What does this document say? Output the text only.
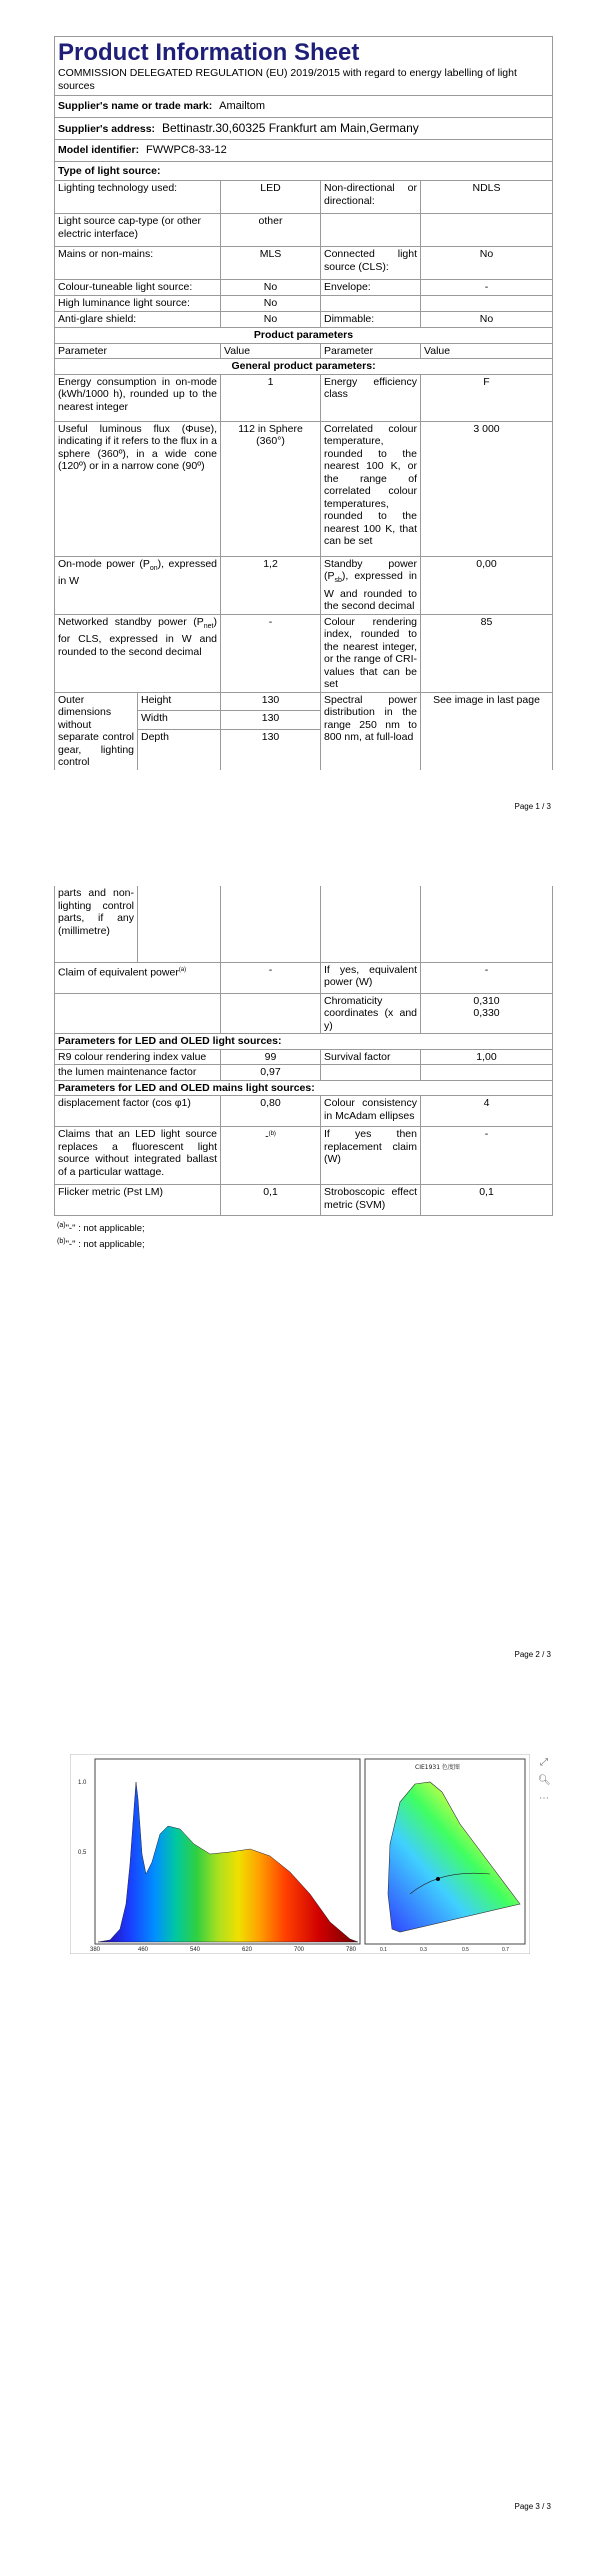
Product Information Sheet
COMMISSION DELEGATED REGULATION (EU) 2019/2015 with regard to energy labelling of light sources				

Supplier's name or trade mark: Amailtom				
Supplier's address: Bettinastr.30,60325 Frankfurt am Main,Germany				
Model identifier: FWWPC8-33-12				
Type of light source:				
Lighting technology used:		LED	Non-directional or directional:	NDLS
Light source cap-type (or other electric interface)		other		
Mains or non-mains:		MLS	Connected light source (CLS):	No
Colour-tuneable light source:		No	Envelope:	-
High luminance light source:		No		
Anti-glare shield:		No	Dimmable:	No
Product parameters				
Parameter		Value	Parameter	Value
General product parameters:				
Energy consumption in on-mode (kWh/1000 h), rounded up to the nearest integer		1	Energy efficiency class	F
Useful luminous flux (Φuse), indicating if it refers to the flux in a sphere (360º), in a wide cone (120º) or in a narrow cone (90º)		112 in Sphere (360°)	Correlated colour temperature, rounded to the nearest 100 K, or the range of correlated colour temperatures, rounded to the nearest 100 K, that can be set	3 000
On-mode power $(P_{on})$, expressed in W		1,2	Standby power $(P_{sb})$, expressed in W and rounded to the second decimal	0,00
Networked standby power $(P_{net})$ for CLS, expressed in W and rounded to the second decimal		-	Colour rendering index, rounded to the nearest integer, or the range of CRI-values that can be set	85
Outer dimensions without separate control gear, lighting control	Height	130	Spectral power distribution in the range 250 nm to 800 nm, at full-load	See image in last page
	Width	130		
	Depth	130		
Page 1 / 3
parts and non-lighting control parts, if any (millimetre)				
Claim of equivalent power$^{(a)}$		-	If yes, equivalent power (W)	-
			Chromaticity coordinates (x and y)	0,310
0,330

Parameters for LED and OLED light sources:				
R9 colour rendering index value		99	Survival factor	1,00
the lumen maintenance factor		0,97		
Parameters for LED and OLED mains light sources:				
displacement factor (cos φ1)		0,80	Colour consistency in McAdam ellipses	4
Claims that an LED light source replaces a fluorescent light source without integrated ballast of a particular wattage.		-$^{(b)}$	If yes then replacement claim (W)	-
Flicker metric (Pst LM)		0,1	Stroboscopic effect metric (SVM)	0,1
$^{(a)}$"-" : not applicable;
$^{(b)}$"-" : not applicable;
Page 2 / 3
Page 3 / 3
1.0
0.5
380	460	540	620	700	780
CIE1931 色度图
0.1	0.3	0.5	0.7
⤢
🔍︎
⋯
